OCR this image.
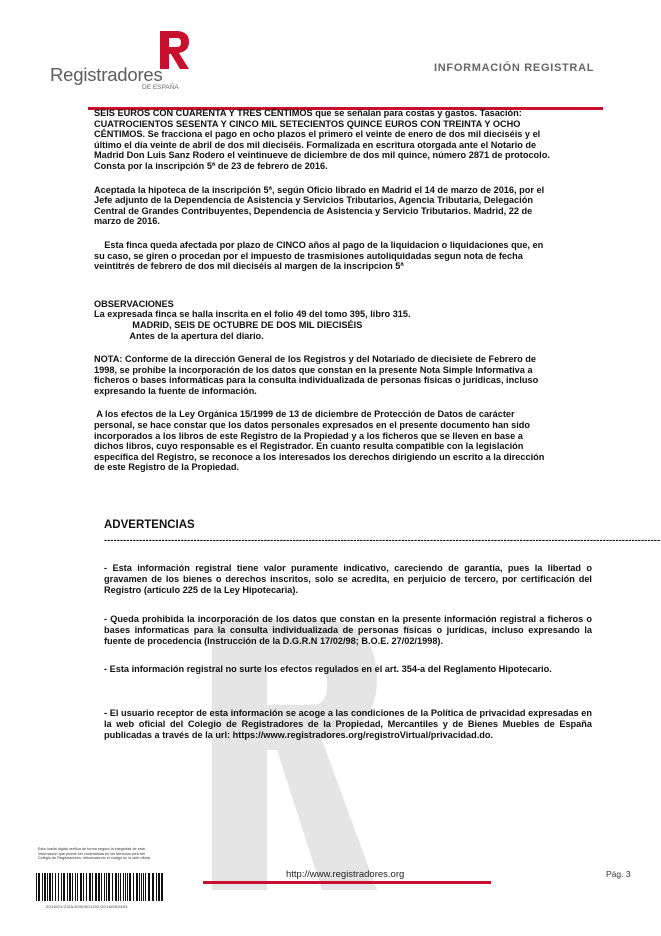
Registradores
DE ESPAÑA
INFORMACIÓN REGISTRAL

SEIS EUROS CON CUARENTA Y TRES CÉNTIMOS que se señalan para costas y gastos. Tasación:

CUATROCIENTOS SESENTA Y CINCO MIL SETECIENTOS QUINCE EUROS CON TREINTA Y OCHO

CÉNTIMOS. Se fracciona el pago en ocho plazos el primero el veinte de enero de dos mil dieciséis y el

último el día veinte de abril de dos mil dieciséis. Formalizada en escritura otorgada ante el Notario de

Madrid Don Luis Sanz Rodero el veintinueve de diciembre de dos mil quince, número 2871 de protocolo.

Consta por la inscripción 5ª de 23 de febrero de 2016.

Aceptada la hipoteca de la inscripción 5ª, según Oficio librado en Madrid el 14 de marzo de 2016, por el

Jefe adjunto de la Dependencia de Asistencia y Servicios Tributarios, Agencia Tributaria, Delegación

Central de Grandes Contribuyentes, Dependencia de Asistencia y Servicio Tributarios. Madrid, 22 de

marzo de 2016.

Esta finca queda afectada por plazo de CINCO años al pago de la liquidacion o liquidaciones que, en

su caso, se giren o procedan por el impuesto de trasmisiones autoliquidadas segun nota de fecha

veintitrés de febrero de dos mil dieciséis al margen de la inscripcion 5ª

OBSERVACIONES

La expresada finca se halla inscrita en el folio 49 del tomo 395, libro 315.

MADRID, SEIS DE OCTUBRE DE DOS MIL DIECISÉIS

Antes de la apertura del diario.

NOTA: Conforme de la dirección General de los Registros y del Notariado de diecisiete de Febrero de

1998, se prohíbe la incorporación de los datos que constan en la presente Nota Simple Informativa a

ficheros o bases informáticas para la consulta individualizada de personas físicas o jurídicas, incluso

expresando la fuente de información.

A los efectos de la Ley Orgánica 15/1999 de 13 de diciembre de Protección de Datos de carácter

personal, se hace constar que los datos personales expresados en el presente documento han sido

incorporados a los libros de este Registro de la Propiedad y a los ficheros que se lleven en base a

dichos libros, cuyo responsable es el Registrador. En cuanto resulta compatible con la legislación

específica del Registro, se reconoce a los interesados los derechos dirigiendo un escrito a la dirección

de este Registro de la Propiedad.

ADVERTENCIAS
------------------------------------------------------------------------------------------------------------------------------------------------------------------------------
- Esta información registral tiene valor puramente indicativo, careciendo de garantía, pues la libertad o gravamen de los bienes o derechos inscritos, solo se acredita, en perjuicio de tercero, por certificación del Registro (artículo 225 de la Ley Hipotecaria).
- Queda prohibida la incorporación de los datos que constan en la presente información registral a ficheros o bases informaticas para la consulta individualizada de personas físicas o jurídicas, incluso expresando la fuente de procedencia (Instrucción de la D.G.R.N 17/02/98; B.O.E. 27/02/1998).
- Esta información registral no surte los efectos regulados en el art. 354-a del Reglamento Hipotecario.
- El usuario receptor de esta información se acoge a las condiciones de la Política de privacidad expresadas en la web oficial del Colegio de Registradores de la Propiedad, Mercantiles y de Bienes Muebles de España publicadas a través de la url: https://www.registradores.org/registroVirtual/privacidad.do.
Esta huella digital verifica de forma segura la integridad de esta
información que puede ser contrastada en los servicios web del
Colegio de Registradores, introduciendo el código en la web oficial
2016/01/23/A/00000012/D/2016/000453
http://www.registradores.org	Pág. 3
